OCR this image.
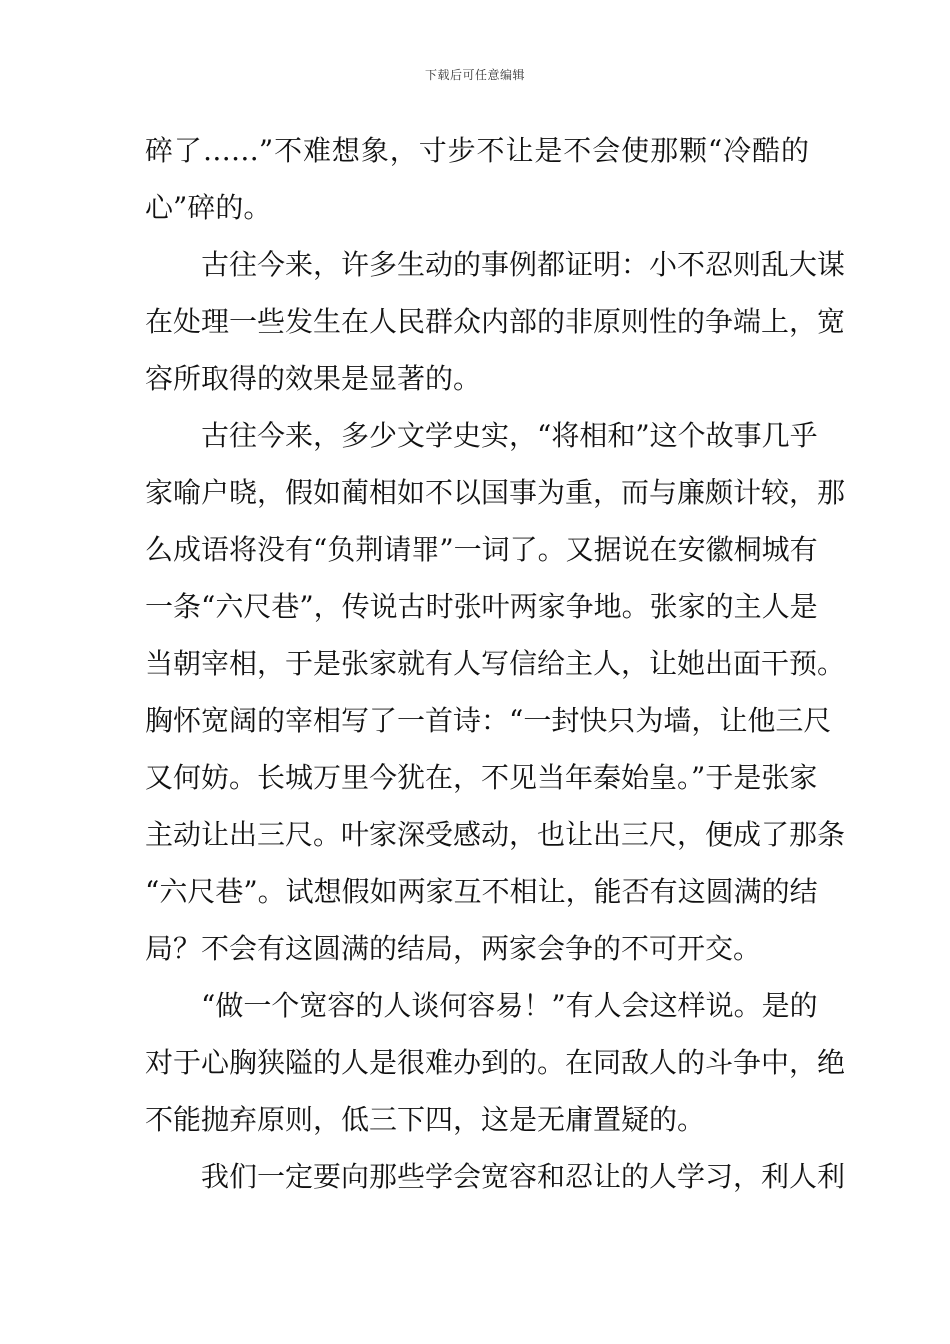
下载后可任意编辑
碎了……”不难想象，寸步不让是不会使那颗“冷酷的
心”碎的。
古往今来，许多生动的事例都证明：小不忍则乱大谋
在处理一些发生在人民群众内部的非原则性的争端上，宽
容所取得的效果是显著的。
古往今来，多少文学史实，“将相和”这个故事几乎
家喻户晓，假如蔺相如不以国事为重，而与廉颇计较，那
么成语将没有“负荆请罪”一词了。又据说在安徽桐城有
一条“六尺巷”，传说古时张叶两家争地。张家的主人是
当朝宰相，于是张家就有人写信给主人，让她出面干预。
胸怀宽阔的宰相写了一首诗：“一封快只为墙，让他三尺
又何妨。长城万里今犹在，不见当年秦始皇。”于是张家
主动让出三尺。叶家深受感动，也让出三尺，便成了那条
“六尺巷”。试想假如两家互不相让，能否有这圆满的结
局？不会有这圆满的结局，两家会争的不可开交。
“做一个宽容的人谈何容易！”有人会这样说。是的
对于心胸狭隘的人是很难办到的。在同敌人的斗争中，绝
不能抛弃原则，低三下四，这是无庸置疑的。
我们一定要向那些学会宽容和忍让的人学习，利人利
